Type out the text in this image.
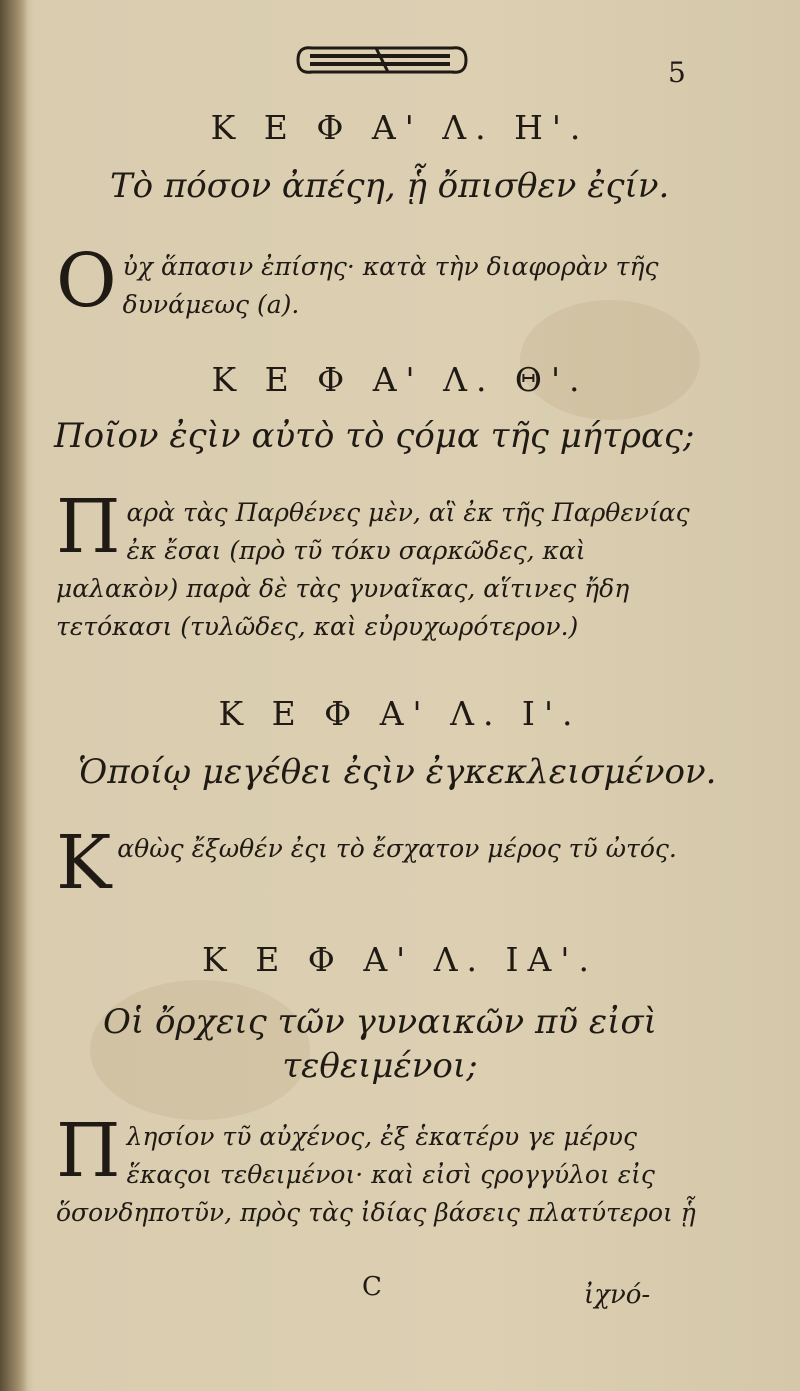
5
Κ Ε Φ Α' Λ. Η'.
Τὸ πόσον ἀπέςη, ᾗ ὄπισθεν ἐςίν.
Οὐχ ἅπασιν ἐπίσης· κατὰ τὴν διαφορὰν τῆς δυνάμεως (a).
Κ Ε Φ Α' Λ. Θ'.
Ποῖον ἐςὶν αὐτὸ τὸ ςόμα τῆς μήτρας;
Παρὰ τὰς Παρθένες μὲν, αἳ ἐκ τῆς Παρθενίας ἐκ ἔσαι (πρὸ τῦ τόκυ σαρκῶδες, καὶ μαλακὸν) παρὰ δὲ τὰς γυναῖκας, αἵτινες ἤδη τετόκασι (τυλῶδες, καὶ εὐρυχωρότερον.)
Κ Ε Φ Α' Λ. Ι'.
Ὁποίῳ μεγέθει ἐςὶν ἐγκεκλεισμένον.
Καθὼς ἔξωθέν ἐςι τὸ ἔσχατον μέρος τῦ ὠτός.
Κ Ε Φ Α' Λ. ΙΑ'.
Οἱ ὄρχεις τῶν γυναικῶν πῦ εἰσὶ τεθειμένοι;
Πλησίον τῦ αὐχένος, ἐξ ἑκατέρυ γε μέρυς ἕκαςοι τεθειμένοι· καὶ εἰσὶ ςρογγύλοι εἰς ὅσονδηποτῦν, πρὸς τὰς ἰδίας βάσεις πλατύτεροι ᾗ
C	ἰχνό-
